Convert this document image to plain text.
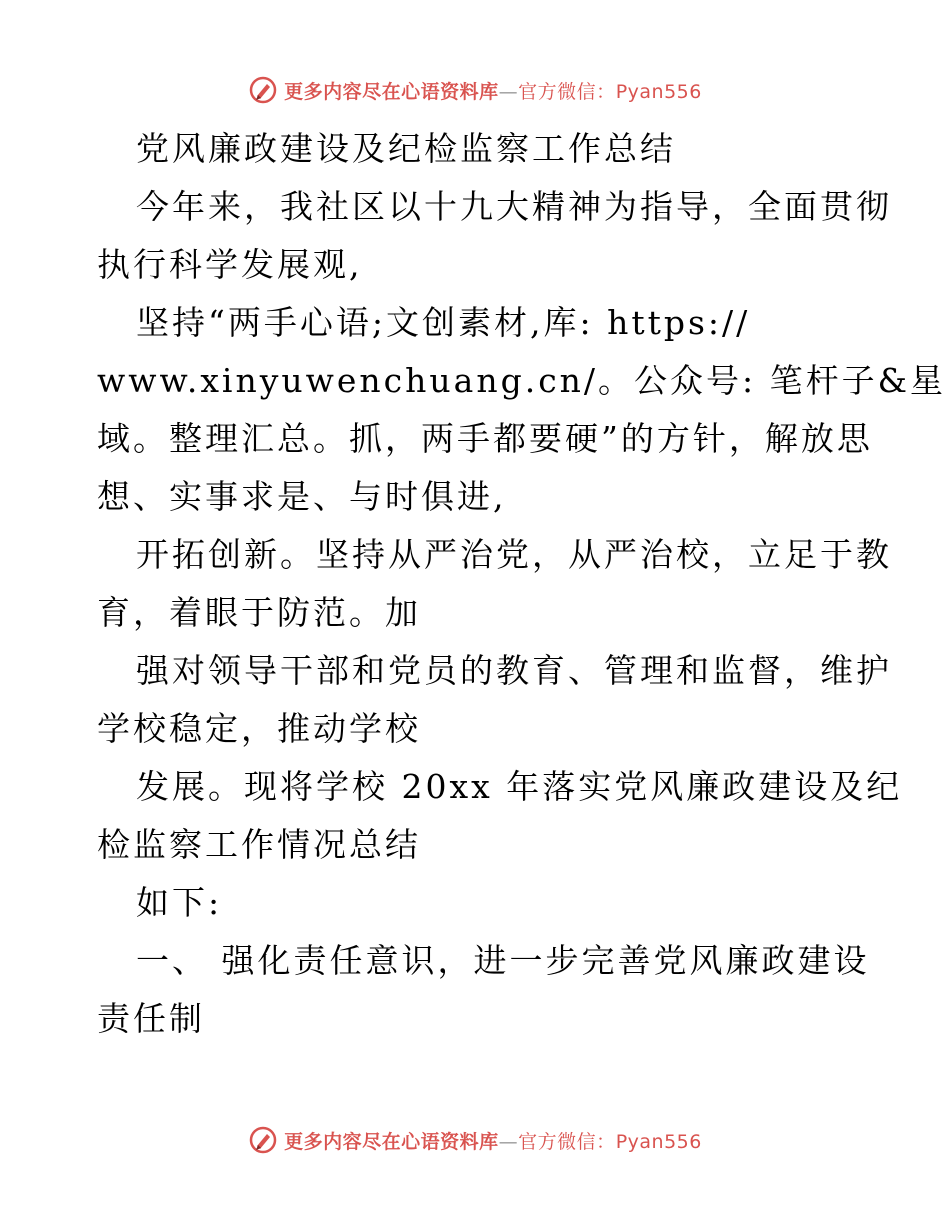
更多内容尽在心语资料库—官方微信：Pyan556
党风廉政建设及纪检监察工作总结
今年来，我社区以十九大精神为指导，全面贯彻
执行科学发展观,
坚持“两手心语;文创素材,库: https://
www.xinyuwenchuang.cn/。公众号: 笔杆子&星
域。整理汇总。抓，两手都要硬”的方针，解放思
想、实事求是、与时俱进,
开拓创新。坚持从严治党，从严治校，立足于教
育，着眼于防范。加
强对领导干部和党员的教育、管理和监督，维护
学校稳定，推动学校
发展。现将学校 20xx 年落实党风廉政建设及纪
检监察工作情况总结
如下:
一、 强化责任意识，进一步完善党风廉政建设
责任制
更多内容尽在心语资料库—官方微信：Pyan556
